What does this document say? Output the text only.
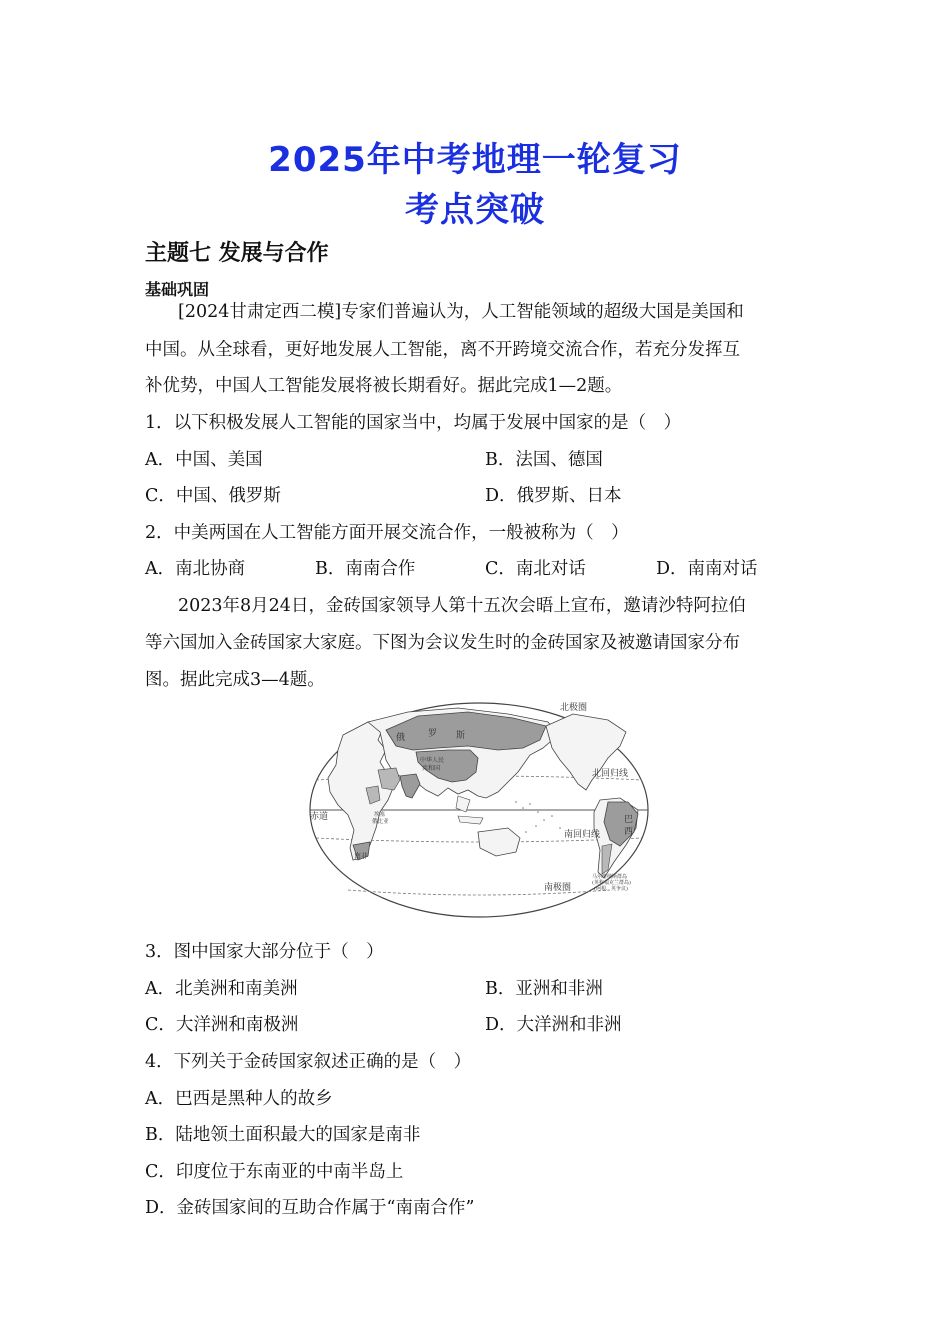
2025年中考地理一轮复习
考点突破
主题七 发展与合作
基础巩固
[2024甘肃定西二模]专家们普遍认为，人工智能领域的超级大国是美国和
中国。从全球看，更好地发展人工智能，离不开跨境交流合作，若充分发挥互
补优势，中国人工智能发展将被长期看好。据此完成1—2题。
1．以下积极发展人工智能的国家当中，均属于发展中国家的是（　）
A．中国、美国	B．法国、德国
C．中国、俄罗斯	D．俄罗斯、日本
2．中美两国在人工智能方面开展交流合作，一般被称为（　）
A．南北协商	B．南南合作	C．南北对话	D．南南对话
2023年8月24日，金砖国家领导人第十五次会晤上宣布，邀请沙特阿拉伯
等六国加入金砖国家大家庭。下图为会议发生时的金砖国家及被邀请国家分布
图。据此完成3—4题。
北极圈
北回归线
赤道
南回归线
南极圈
俄	罗 斯
中华人民
共和国
巴
西
南非
埃塞
俄比亚
马尔维纳斯群岛
(英称福克兰群岛)
(阿根、英争议)
3．图中国家大部分位于（　）
A．北美洲和南美洲	B．亚洲和非洲
C．大洋洲和南极洲	D．大洋洲和非洲
4．下列关于金砖国家叙述正确的是（　）
A．巴西是黑种人的故乡
B．陆地领土面积最大的国家是南非
C．印度位于东南亚的中南半岛上
D．金砖国家间的互助合作属于“南南合作”
